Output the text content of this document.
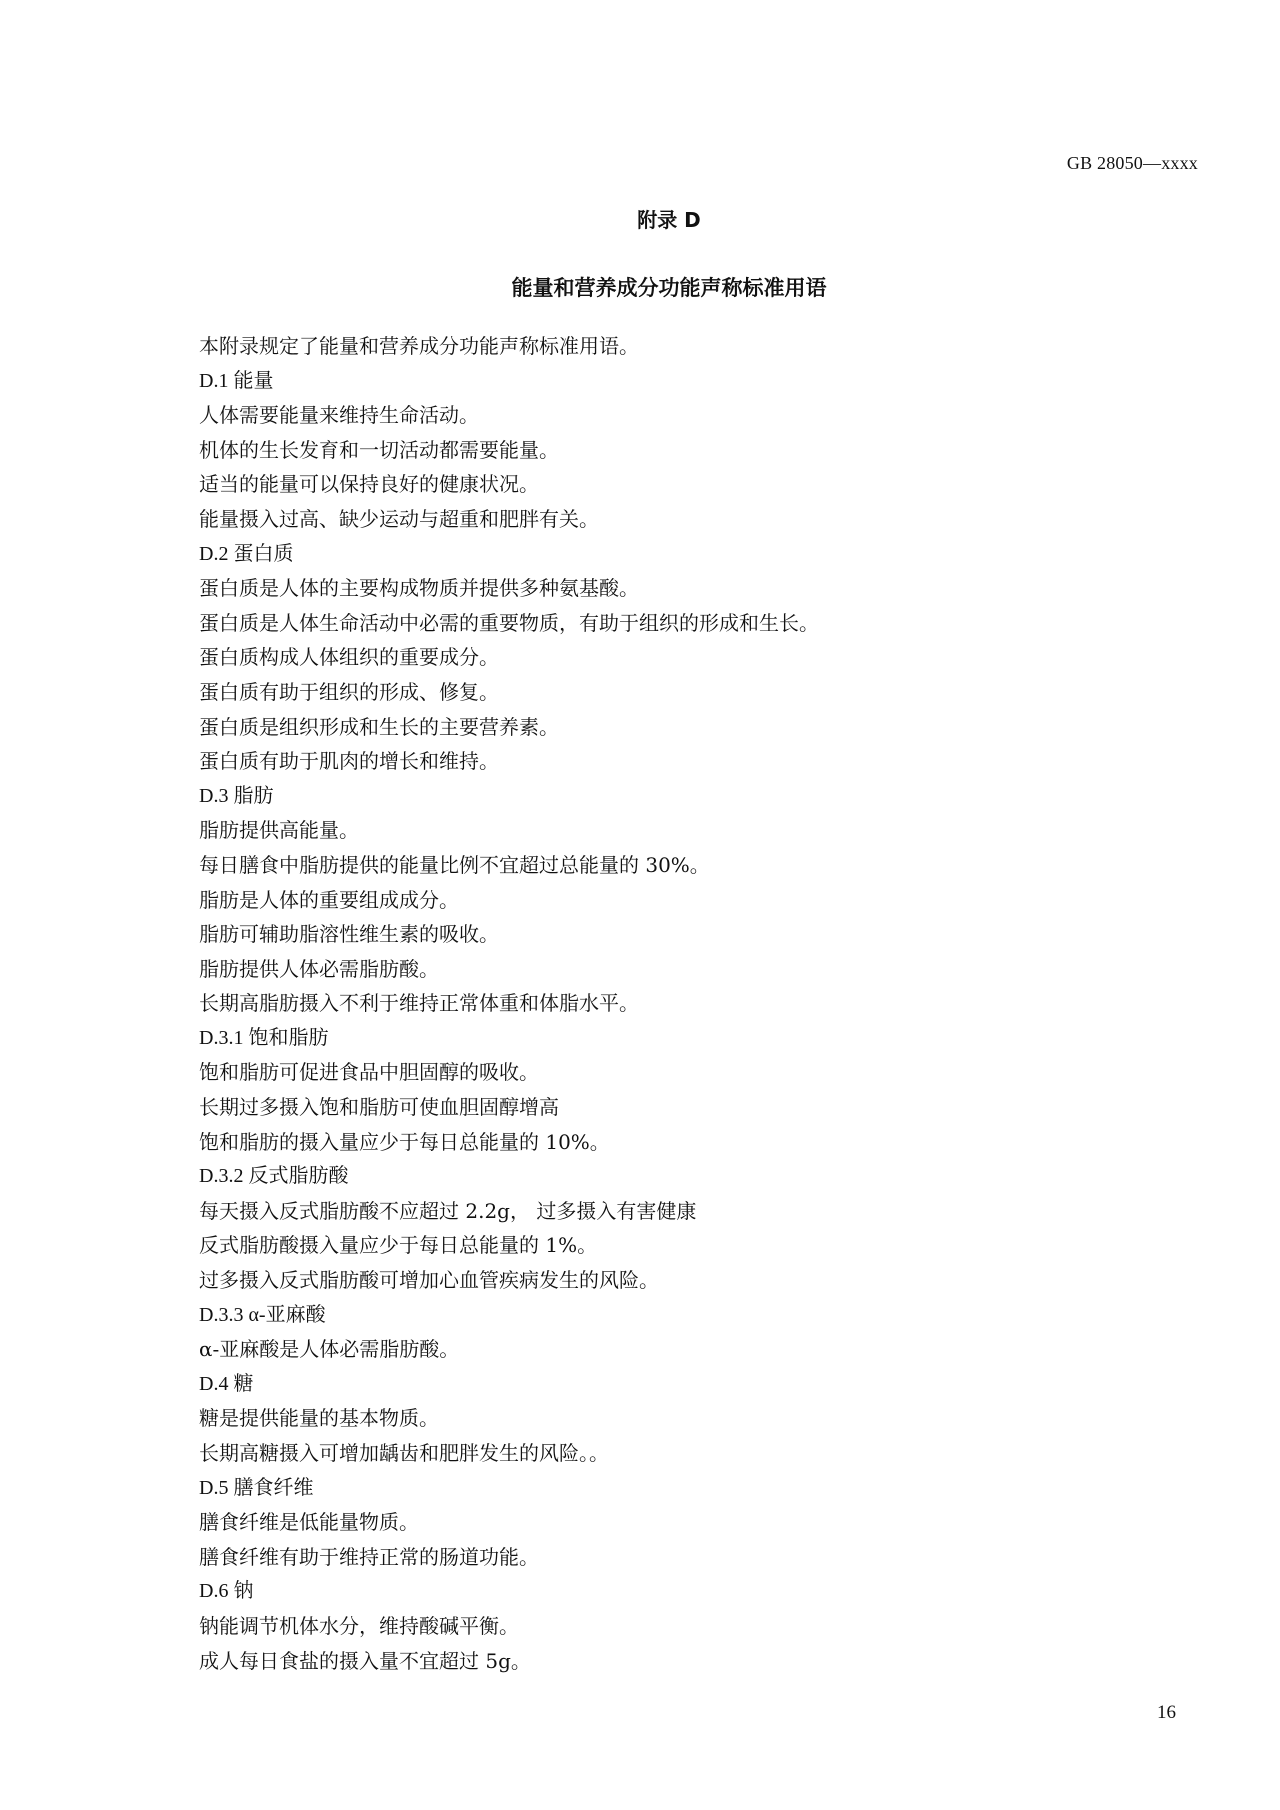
GB 28050—xxxx
附录 D
能量和营养成分功能声称标准用语
本附录规定了能量和营养成分功能声称标准用语。
D.1 能量
人体需要能量来维持生命活动。
机体的生长发育和一切活动都需要能量。
适当的能量可以保持良好的健康状况。
能量摄入过高、缺少运动与超重和肥胖有关。
D.2 蛋白质
蛋白质是人体的主要构成物质并提供多种氨基酸。
蛋白质是人体生命活动中必需的重要物质，有助于组织的形成和生长。
蛋白质构成人体组织的重要成分。
蛋白质有助于组织的形成、修复。
蛋白质是组织形成和生长的主要营养素。
蛋白质有助于肌肉的增长和维持。
D.3 脂肪
脂肪提供高能量。
每日膳食中脂肪提供的能量比例不宜超过总能量的 30%。
脂肪是人体的重要组成成分。
脂肪可辅助脂溶性维生素的吸收。
脂肪提供人体必需脂肪酸。
长期高脂肪摄入不利于维持正常体重和体脂水平。
D.3.1 饱和脂肪
饱和脂肪可促进食品中胆固醇的吸收。
长期过多摄入饱和脂肪可使血胆固醇增高
饱和脂肪的摄入量应少于每日总能量的 10%。
D.3.2 反式脂肪酸
每天摄入反式脂肪酸不应超过 2.2g， 过多摄入有害健康
反式脂肪酸摄入量应少于每日总能量的 1%。
过多摄入反式脂肪酸可增加心血管疾病发生的风险。
D.3.3 α-亚麻酸
α-亚麻酸是人体必需脂肪酸。
D.4 糖
糖是提供能量的基本物质。
长期高糖摄入可增加龋齿和肥胖发生的风险。。
D.5 膳食纤维
膳食纤维是低能量物质。
膳食纤维有助于维持正常的肠道功能。
D.6 钠
钠能调节机体水分，维持酸碱平衡。
成人每日食盐的摄入量不宜超过 5g。
16
